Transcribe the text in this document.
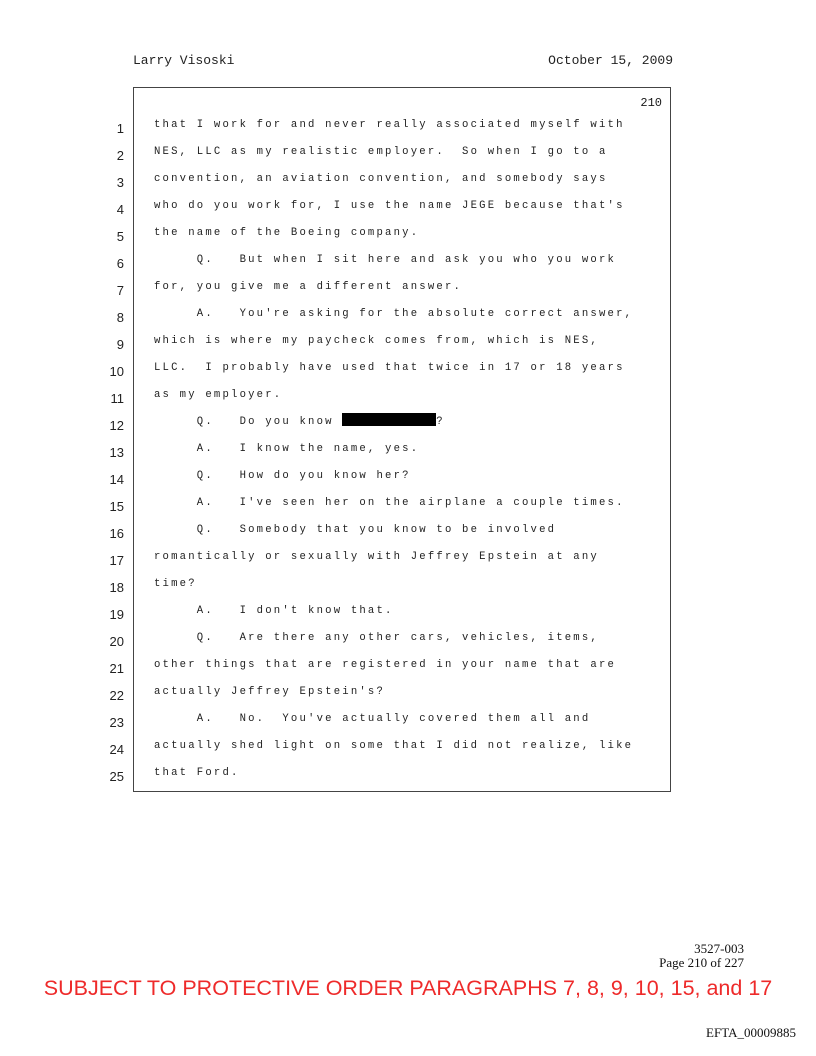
Larry Visoski	October 15, 2009
210
1
2
3
4
5
6
7
8
9
10
11
12
13
14
15
16
17
18
19
20
21
22
23
24
25
that I work for and never really associated myself with
NES, LLC as my realistic employer.  So when I go to a
convention, an aviation convention, and somebody says
who do you work for, I use the name JEGE because that's
the name of the Boeing company.
Q.   But when I sit here and ask you who you work
for, you give me a different answer.
A.   You're asking for the absolute correct answer,
which is where my paycheck comes from, which is NES,
LLC.  I probably have used that twice in 17 or 18 years
as my employer.
Q.   Do you know	?
A.   I know the name, yes.
Q.   How do you know her?
A.   I've seen her on the airplane a couple times.
Q.   Somebody that you know to be involved
romantically or sexually with Jeffrey Epstein at any
time?
A.   I don't know that.
Q.   Are there any other cars, vehicles, items,
other things that are registered in your name that are
actually Jeffrey Epstein's?
A.   No.  You've actually covered them all and
actually shed light on some that I did not realize, like
that Ford.
3527-003
Page 210 of 227
SUBJECT TO PROTECTIVE ORDER PARAGRAPHS 7, 8, 9, 10, 15, and 17
EFTA_00009885
